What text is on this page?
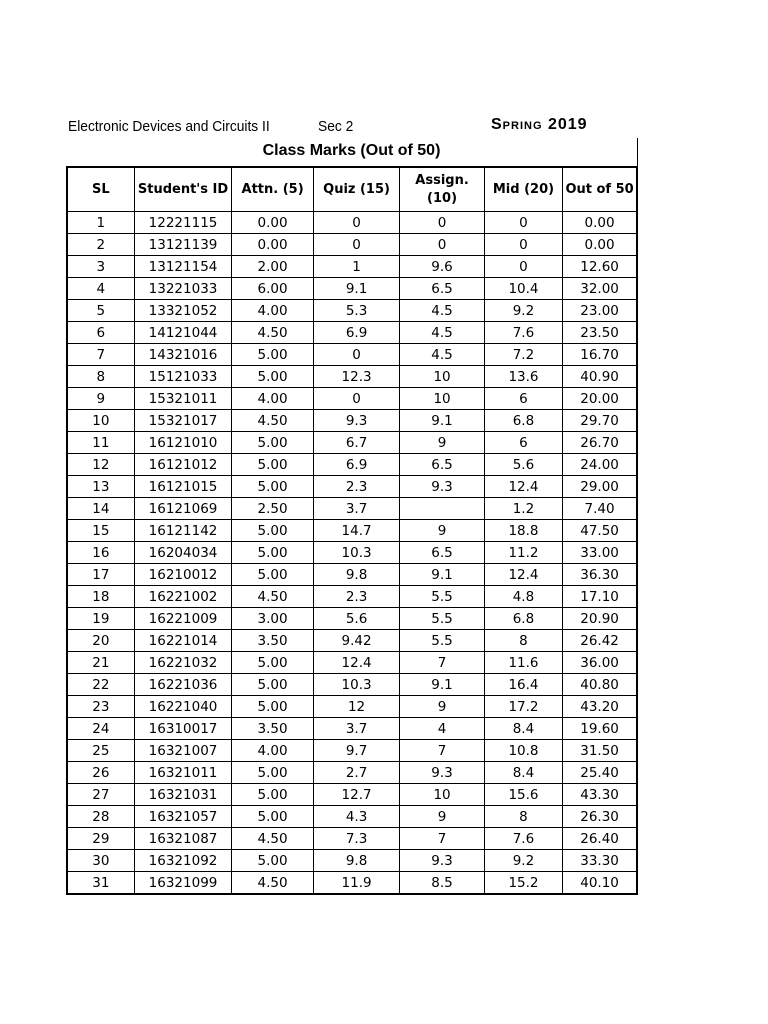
Electronic Devices and Circuits II	Sec 2	Spring 2019
Class Marks (Out of 50)
SL	Student's ID	Attn. (5)	Quiz (15)	Assign. (10)	Mid (20)	Out of 50
1	12221115	0.00	0	0	0	0.00
2	13121139	0.00	0	0	0	0.00
3	13121154	2.00	1	9.6	0	12.60
4	13221033	6.00	9.1	6.5	10.4	32.00
5	13321052	4.00	5.3	4.5	9.2	23.00
6	14121044	4.50	6.9	4.5	7.6	23.50
7	14321016	5.00	0	4.5	7.2	16.70
8	15121033	5.00	12.3	10	13.6	40.90
9	15321011	4.00	0	10	6	20.00
10	15321017	4.50	9.3	9.1	6.8	29.70
11	16121010	5.00	6.7	9	6	26.70
12	16121012	5.00	6.9	6.5	5.6	24.00
13	16121015	5.00	2.3	9.3	12.4	29.00
14	16121069	2.50	3.7		1.2	7.40
15	16121142	5.00	14.7	9	18.8	47.50
16	16204034	5.00	10.3	6.5	11.2	33.00
17	16210012	5.00	9.8	9.1	12.4	36.30
18	16221002	4.50	2.3	5.5	4.8	17.10
19	16221009	3.00	5.6	5.5	6.8	20.90
20	16221014	3.50	9.42	5.5	8	26.42
21	16221032	5.00	12.4	7	11.6	36.00
22	16221036	5.00	10.3	9.1	16.4	40.80
23	16221040	5.00	12	9	17.2	43.20
24	16310017	3.50	3.7	4	8.4	19.60
25	16321007	4.00	9.7	7	10.8	31.50
26	16321011	5.00	2.7	9.3	8.4	25.40
27	16321031	5.00	12.7	10	15.6	43.30
28	16321057	5.00	4.3	9	8	26.30
29	16321087	4.50	7.3	7	7.6	26.40
30	16321092	5.00	9.8	9.3	9.2	33.30
31	16321099	4.50	11.9	8.5	15.2	40.10
